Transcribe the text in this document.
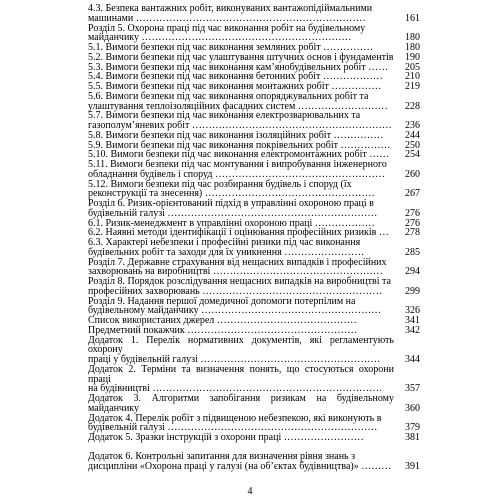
4.3. Безпека вантажних робіт, виконуваних вантажопідіймальними
машинами ……………………………………………………………	161
Розділ 5. Охорона праці під час виконання робіт на будівельному
майданчику ………………………………………………………	180
5.1. Вимоги безпеки під час виконання земляних робіт ……………	180
5.2. Вимоги безпеки під час улаштування штучних основ і фундаментів	190
5.3. Вимоги безпеки під час виконання кам’янобудівельних робіт ……	205
5.4. Вимоги безпеки під час виконання бетонних робіт ………………	210
5.5. Вимоги безпеки під час виконання монтажних робіт ……………	219
5.6. Вимоги безпеки під час виконання опоряджувальних робіт та
улаштування теплоізоляційних фасадних систем ………………………	228
5.7. Вимоги безпеки під час виконання електрозварювальних та
газополум’яневих робіт ……………………………………………………	236
5.8. Вимоги безпеки під час виконання ізоляційних робіт ……………	244
5.9. Вимоги безпеки під час виконання покрівельних робіт ……………	250
5.10. Вимоги безпеки під час виконання електромонтажних робіт ……	254
5.11. Вимоги безпеки під час монтування і випробування інженерного
обладнання будівель і споруд ……………………………………………	260
5.12. Вимоги безпеки під час розбирання будівель і споруд (їх
реконструкції та знесення) ……………………………………………	267
Розділ 6. Ризик-орієнтований підхід в управлінні охороною праці в
будівельній галузі ………………………………………………………	276
6.1. Ризик-менеджмент в управлінні охороною праці ………………	276
6.2. Наявні методи ідентифікації і оцінювання професійних ризиків …	278
6.3. Характері небезпеки і професійні ризики під час виконання
будівельних робіт та заходи для їх уникнення ……………………	285
Розділ 7. Державне страхування від нещасних випадків і професійних
захворювань на виробництві ……………………………………………	294
Розділ 8. Порядок розслідування нещасних випадків на виробництві та
професійних захворювань ………………………………………………	299
Розділ 9. Надання першої домедичної допомоги потерпілим на
будівельному майданчику ………………………………………………	326
Список використаних джерел ……………………………………	341
Предметний покажчик ……………………………………………	342
Додаток 1. Перелік нормативних документів, які регламентують охорону
праці у будівельній галузі ………………………………………………	344
Додаток 2. Терміни та визначення понять, що стосуються охорони праці
на будівництві ……………………………………………………………	357
Додаток 3. Алгоритми запобігання ризикам на будівельному майданчику	360
Додаток 4. Перелік робіт з підвищеною небезпекою, які виконують в
будівельній галузі ………………………………………………………	379
Додаток 5. Зразки інструкцій з охорони праці ……………………	381
Додаток 6. Контрольні запитання для визначення рівня знань з
дисципліни «Охорона праці у галузі (на об’єктах будівництва)» ………	391
4
